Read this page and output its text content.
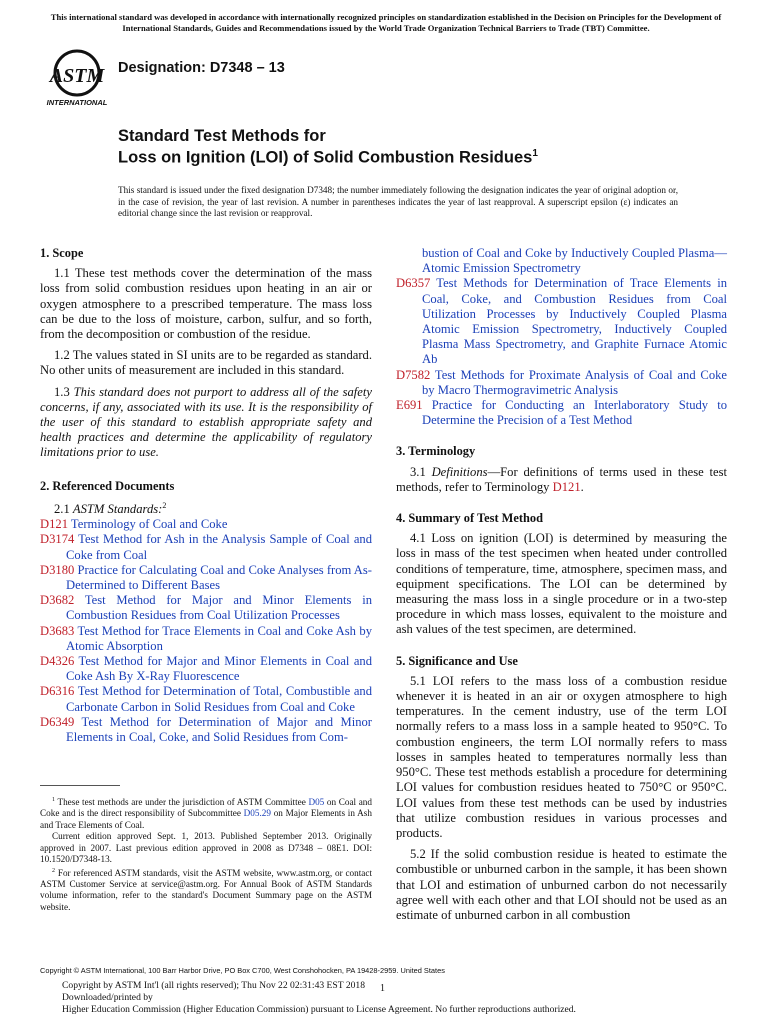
This international standard was developed in accordance with internationally recognized principles on standardization established in the Decision on Principles for the Development of International Standards, Guides and Recommendations issued by the World Trade Organization Technical Barriers to Trade (TBT) Committee.
ASTM
INTERNATIONAL
Designation: D7348 – 13
Standard Test Methods for
Loss on Ignition (LOI) of Solid Combustion Residues$^1$
This standard is issued under the fixed designation D7348; the number immediately following the designation indicates the year of original adoption or, in the case of revision, the year of last revision. A number in parentheses indicates the year of last reapproval. A superscript epsilon (ε) indicates an editorial change since the last revision or reapproval.
1. Scope

1.1 These test methods cover the determination of the mass loss from solid combustion residues upon heating in an air or oxygen atmosphere to a prescribed temperature. The mass loss can be due to the loss of moisture, carbon, sulfur, and so forth, from the decomposition or combustion of the residue.

1.2 The values stated in SI units are to be regarded as standard. No other units of measurement are included in this standard.

1.3 This standard does not purport to address all of the safety concerns, if any, associated with its use. It is the responsibility of the user of this standard to establish appropriate safety and health practices and determine the applicability of regulatory limitations prior to use.

2. Referenced Documents

2.1 ASTM Standards:$^2$

D121 Terminology of Coal and Coke

D3174 Test Method for Ash in the Analysis Sample of Coal and Coke from Coal

D3180 Practice for Calculating Coal and Coke Analyses from As-Determined to Different Bases

D3682 Test Method for Major and Minor Elements in Combustion Residues from Coal Utilization Processes

D3683 Test Method for Trace Elements in Coal and Coke Ash by Atomic Absorption

D4326 Test Method for Major and Minor Elements in Coal and Coke Ash By X-Ray Fluorescence

D6316 Test Method for Determination of Total, Combustible and Carbonate Carbon in Solid Residues from Coal and Coke

D6349 Test Method for Determination of Major and Minor Elements in Coal, Coke, and Solid Residues from Com-

$^1$ These test methods are under the jurisdiction of ASTM Committee D05 on Coal and Coke and is the direct responsibility of Subcommittee D05.29 on Major Elements in Ash and Trace Elements of Coal.

Current edition approved Sept. 1, 2013. Published September 2013. Originally approved in 2007. Last previous edition approved in 2008 as D7348 – 08E1. DOI: 10.1520/D7348-13.

$^2$ For referenced ASTM standards, visit the ASTM website, www.astm.org, or contact ASTM Customer Service at service@astm.org. For Annual Book of ASTM Standards volume information, refer to the standard's Document Summary page on the ASTM website.

bustion of Coal and Coke by Inductively Coupled Plasma—Atomic Emission Spectrometry

D6357 Test Methods for Determination of Trace Elements in Coal, Coke, and Combustion Residues from Coal Utilization Processes by Inductively Coupled Plasma Atomic Emission Spectrometry, Inductively Coupled Plasma Mass Spectrometry, and Graphite Furnace Atomic Ab

D7582 Test Methods for Proximate Analysis of Coal and Coke by Macro Thermogravimetric Analysis

E691 Practice for Conducting an Interlaboratory Study to Determine the Precision of a Test Method

3. Terminology

3.1 Definitions—For definitions of terms used in these test methods, refer to Terminology D121.

4. Summary of Test Method

4.1 Loss on ignition (LOI) is determined by measuring the loss in mass of the test specimen when heated under controlled conditions of temperature, time, atmosphere, specimen mass, and equipment specifications. The LOI can be determined by measuring the mass loss in a single procedure or in a two-step procedure in which mass losses, equivalent to the moisture and ash values of the test specimen, are determined.

5. Significance and Use

5.1 LOI refers to the mass loss of a combustion residue whenever it is heated in an air or oxygen atmosphere to high temperatures. In the cement industry, use of the term LOI normally refers to a mass loss in a sample heated to 950°C. To combustion engineers, the term LOI normally refers to mass losses in samples heated to temperatures normally less than 950°C. These test methods establish a procedure for determining LOI values for combustion residues heated to 750°C or 950°C. LOI values from these test methods can be used by industries that utilize combustion residues in various processes and products.

5.2 If the solid combustion residue is heated to estimate the combustible or unburned carbon in the sample, it has been shown that LOI and estimation of unburned carbon do not necessarily agree well with each other and that LOI should not be used as an estimate of unburned carbon in all combustion

Copyright © ASTM International, 100 Barr Harbor Drive, PO Box C700, West Conshohocken, PA 19428-2959. United States
Copyright by ASTM Int'l (all rights reserved); Thu Nov 22 02:31:43 EST 2018
Downloaded/printed by
Higher Education Commission (Higher Education Commission) pursuant to License Agreement. No further reproductions authorized.
1
